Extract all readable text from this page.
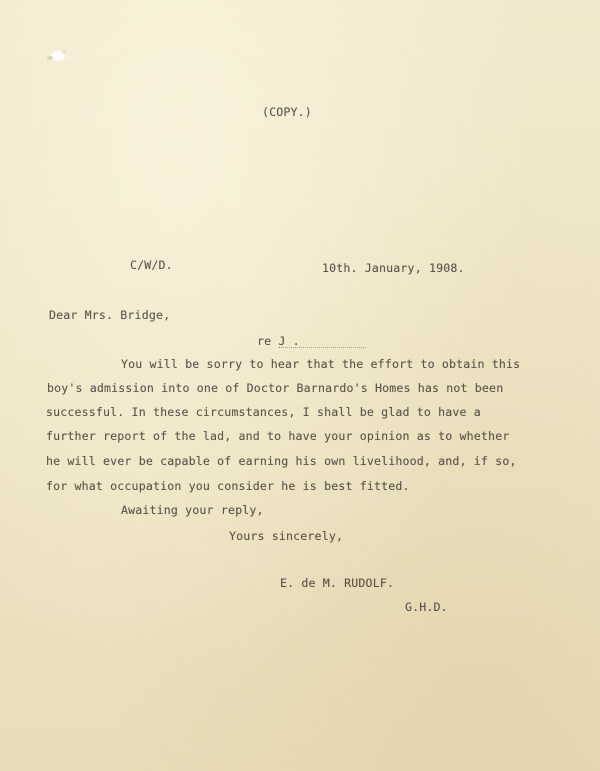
(COPY.)
C/W/D.	10th. January, 1908.
Dear Mrs. Bridge,
re J .
You will be sorry to hear that the effort to obtain this
boy's admission into one of Doctor Barnardo's Homes has not been
successful. In these circumstances, I shall be glad to have a
further report of the lad, and to have your opinion as to whether
he will ever be capable of earning his own livelihood, and, if so,
for what occupation you consider he is best fitted.
Awaiting your reply,
Yours sincerely,
E. de M. RUDOLF.
G.H.D.
